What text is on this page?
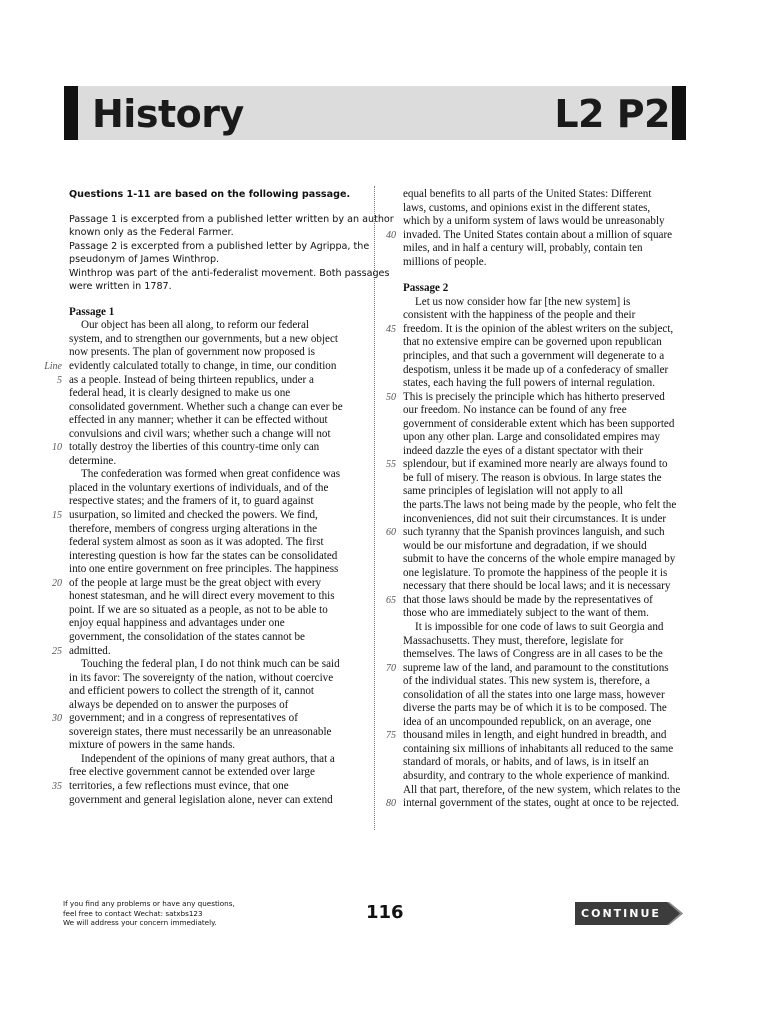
History	L2 P2
Questions 1-11 are based on the following passage.
Passage 1 is excerpted from a published letter written by an author
known only as the Federal Farmer.
Passage 2 is excerpted from a published letter by Agrippa, the
pseudonym of James Winthrop.
Winthrop was part of the anti-federalist movement. Both passages
were written in 1787.
Passage 1
Our object has been all along, to reform our federal
system, and to strengthen our governments, but a new object
now presents. The plan of government now proposed is
Line evidently calculated totally to change, in time, our condition
5 as a people. Instead of being thirteen republics, under a
federal head, it is clearly designed to make us one
consolidated government. Whether such a change can ever be
effected in any manner; whether it can be effected without
convulsions and civil wars; whether such a change will not
10 totally destroy the liberties of this country-time only can
determine.
The confederation was formed when great confidence was
placed in the voluntary exertions of individuals, and of the
respective states; and the framers of it, to guard against
15 usurpation, so limited and checked the powers. We find,
therefore, members of congress urging alterations in the
federal system almost as soon as it was adopted. The first
interesting question is how far the states can be consolidated
into one entire government on free principles. The happiness
20 of the people at large must be the great object with every
honest statesman, and he will direct every movement to this
point. If we are so situated as a people, as not to be able to
enjoy equal happiness and advantages under one
government, the consolidation of the states cannot be
25 admitted.
Touching the federal plan, I do not think much can be said
in its favor: The sovereignty of the nation, without coercive
and efficient powers to collect the strength of it, cannot
always be depended on to answer the purposes of
30 government; and in a congress of representatives of
sovereign states, there must necessarily be an unreasonable
mixture of powers in the same hands.
Independent of the opinions of many great authors, that a
free elective government cannot be extended over large
35 territories, a few reflections must evince, that one
government and general legislation alone, never can extend
equal benefits to all parts of the United States: Different
laws, customs, and opinions exist in the different states,
which by a uniform system of laws would be unreasonably
40 invaded. The United States contain about a million of square
miles, and in half a century will, probably, contain ten
millions of people.
Passage 2
Let us now consider how far [the new system] is
consistent with the happiness of the people and their
45 freedom. It is the opinion of the ablest writers on the subject,
that no extensive empire can be governed upon republican
principles, and that such a government will degenerate to a
despotism, unless it be made up of a confederacy of smaller
states, each having the full powers of internal regulation.
50 This is precisely the principle which has hitherto preserved
our freedom. No instance can be found of any free
government of considerable extent which has been supported
upon any other plan. Large and consolidated empires may
indeed dazzle the eyes of a distant spectator with their
55 splendour, but if examined more nearly are always found to
be full of misery. The reason is obvious. In large states the
same principles of legislation will not apply to all
the parts.The laws not being made by the people, who felt the
inconveniences, did not suit their circumstances. It is under
60 such tyranny that the Spanish provinces languish, and such
would be our misfortune and degradation, if we should
submit to have the concerns of the whole empire managed by
one legislature. To promote the happiness of the people it is
necessary that there should be local laws; and it is necessary
65 that those laws should be made by the representatives of
those who are immediately subject to the want of them.
It is impossible for one code of laws to suit Georgia and
Massachusetts. They must, therefore, legislate for
themselves. The laws of Congress are in all cases to be the
70 supreme law of the land, and paramount to the constitutions
of the individual states. This new system is, therefore, a
consolidation of all the states into one large mass, however
diverse the parts may be of which it is to be composed. The
idea of an uncompounded republick, on an average, one
75 thousand miles in length, and eight hundred in breadth, and
containing six millions of inhabitants all reduced to the same
standard of morals, or habits, and of laws, is in itself an
absurdity, and contrary to the whole experience of mankind.
All that part, therefore, of the new system, which relates to the
80 internal government of the states, ought at once to be rejected.
If you find any problems or have any questions,
feel free to contact Wechat: satxbs123
We will address your concern immediately.	116	CONTINUE
